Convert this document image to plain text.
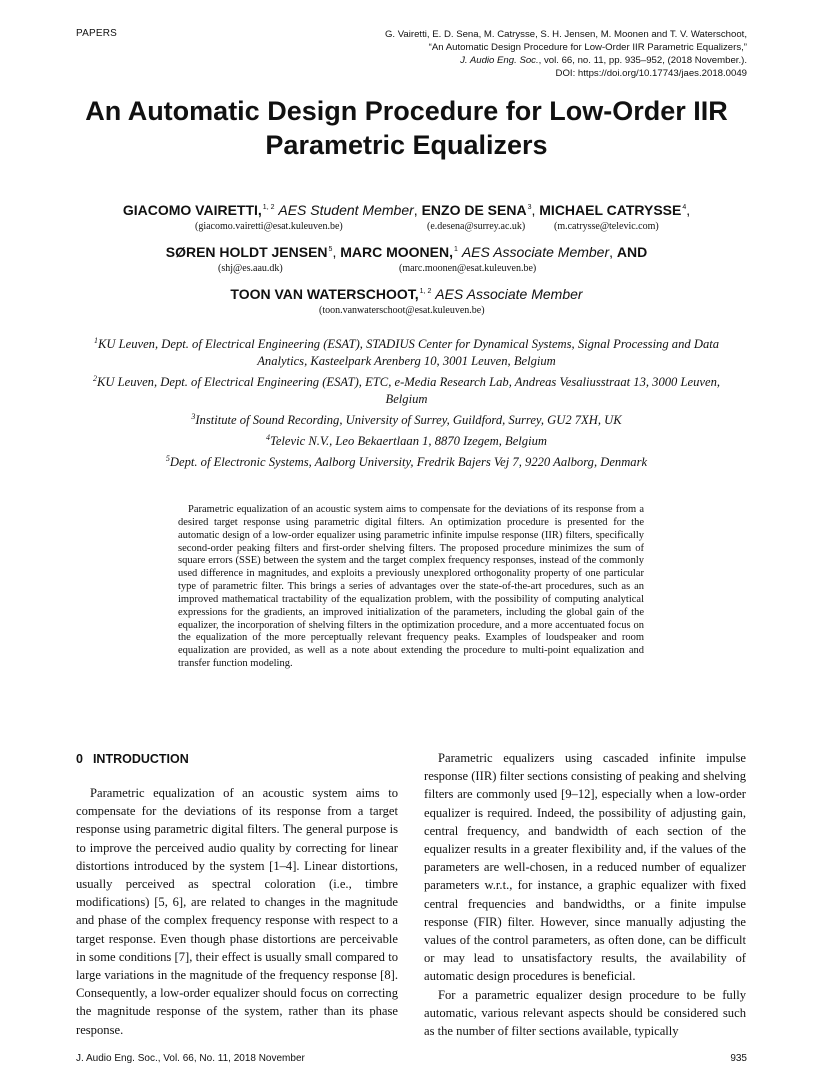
PAPERS	G. Vairetti, E. D. Sena, M. Catrysse, S. H. Jensen, M. Moonen and T. V. Waterschoot,
“An Automatic Design Procedure for Low-Order IIR Parametric Equalizers,”
J. Audio Eng. Soc., vol. 66, no. 11, pp. 935–952, (2018 November.).
DOI: https://doi.org/10.17743/jaes.2018.0049
An Automatic Design Procedure for Low-Order IIR Parametric Equalizers
GIACOMO VAIRETTI,$^{1, 2}$ AES Student Member, ENZO DE SENA$^3$, MICHAEL CATRYSSE$^4$,
(giacomo.vairetti@esat.kuleuven.be)	(e.desena@surrey.ac.uk)	(m.catrysse@televic.com)
SØREN HOLDT JENSEN$^5$, MARC MOONEN,$^1$ AES Associate Member, AND
(shj@es.aau.dk)	(marc.moonen@esat.kuleuven.be)
TOON VAN WATERSCHOOT,$^{1, 2}$ AES Associate Member
(toon.vanwaterschoot@esat.kuleuven.be)
$^1$KU Leuven, Dept. of Electrical Engineering (ESAT), STADIUS Center for Dynamical Systems, Signal Processing and Data Analytics, Kasteelpark Arenberg 10, 3001 Leuven, Belgium
$^2$KU Leuven, Dept. of Electrical Engineering (ESAT), ETC, e-Media Research Lab, Andreas Vesaliusstraat 13, 3000 Leuven, Belgium
$^3$Institute of Sound Recording, University of Surrey, Guildford, Surrey, GU2 7XH, UK
$^4$Televic N.V., Leo Bekaertlaan 1, 8870 Izegem, Belgium
$^5$Dept. of Electronic Systems, Aalborg University, Fredrik Bajers Vej 7, 9220 Aalborg, Denmark
Parametric equalization of an acoustic system aims to compensate for the deviations of its response from a desired target response using parametric digital filters. An optimization procedure is presented for the automatic design of a low-order equalizer using parametric infinite impulse response (IIR) filters, specifically second-order peaking filters and first-order shelving filters. The proposed procedure minimizes the sum of square errors (SSE) between the system and the target complex frequency responses, instead of the commonly used difference in magnitudes, and exploits a previously unexplored orthogonality property of one particular type of parametric filter. This brings a series of advantages over the state-of-the-art procedures, such as an improved mathematical tractability of the equalization problem, with the possibility of computing analytical expressions for the gradients, an improved initialization of the parameters, including the global gain of the equalizer, the incorporation of shelving filters in the optimization procedure, and a more accentuated focus on the equalization of the more perceptually relevant frequency peaks. Examples of loudspeaker and room equalization are provided, as well as a note about extending the procedure to multi-point equalization and transfer function modeling.
0 INTRODUCTION

Parametric equalization of an acoustic system aims to compensate for the deviations of its response from a target response using parametric digital filters. The general purpose is to improve the perceived audio quality by correcting for linear distortions introduced by the system [1–4]. Linear distortions, usually perceived as spectral coloration (i.e., timbre modifications) [5, 6], are related to changes in the magnitude and phase of the complex frequency response with respect to a target response. Even though phase distortions are perceivable in some conditions [7], their effect is usually small compared to large variations in the magnitude of the frequency response [8]. Consequently, a low-order equalizer should focus on correcting the magnitude response of the system, rather than its phase response.

Parametric equalizers using cascaded infinite impulse response (IIR) filter sections consisting of peaking and shelving filters are commonly used [9–12], especially when a low-order equalizer is required. Indeed, the possibility of adjusting gain, central frequency, and bandwidth of each section of the equalizer results in a greater flexibility and, if the values of the parameters are well-chosen, in a reduced number of equalizer parameters w.r.t., for instance, a graphic equalizer with fixed central frequencies and bandwidths, or a finite impulse response (FIR) filter. However, since manually adjusting the values of the control parameters, as often done, can be difficult or may lead to unsatisfactory results, the availability of automatic design procedures is beneficial.

For a parametric equalizer design procedure to be fully automatic, various relevant aspects should be considered such as the number of filter sections available, typically

J. Audio Eng. Soc., Vol. 66, No. 11, 2018 November	935
